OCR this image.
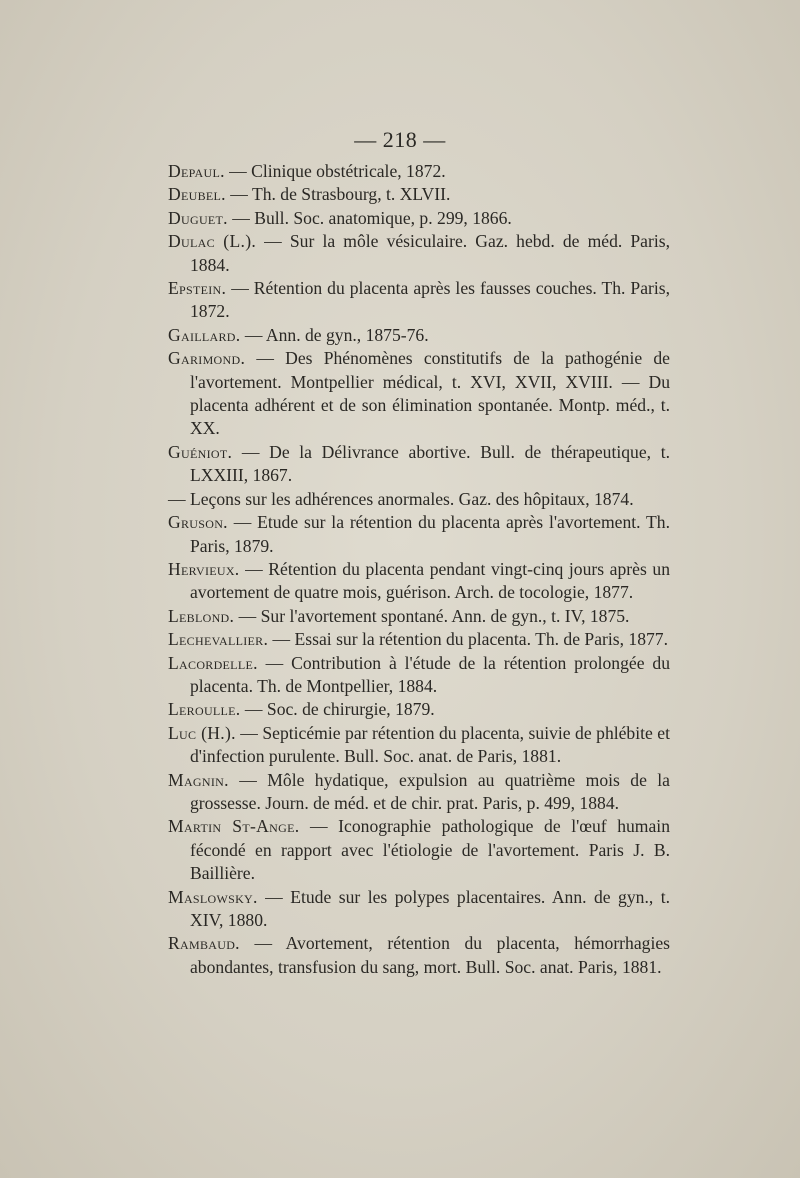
— 218 —
Depaul. — Clinique obstétricale, 1872.
Deubel. — Th. de Strasbourg, t. XLVII.
Duguet. — Bull. Soc. anatomique, p. 299, 1866.
Dulac (L.). — Sur la môle vésiculaire. Gaz. hebd. de méd. Paris, 1884.
Epstein. — Rétention du placenta après les fausses couches. Th. Paris, 1872.
Gaillard. — Ann. de gyn., 1875-76.
Garimond. — Des Phénomènes constitutifs de la pathogénie de l'avortement. Montpellier médical, t. XVI, XVII, XVIII. — Du placenta adhérent et de son élimination spontanée. Montp. méd., t. XX.
Guéniot. — De la Délivrance abortive. Bull. de thérapeutique, t. LXXIII, 1867.
— Leçons sur les adhérences anormales. Gaz. des hôpitaux, 1874.
Gruson. — Etude sur la rétention du placenta après l'avortement. Th. Paris, 1879.
Hervieux. — Rétention du placenta pendant vingt-cinq jours après un avortement de quatre mois, guérison. Arch. de tocologie, 1877.
Leblond. — Sur l'avortement spontané. Ann. de gyn., t. IV, 1875.
Lechevallier. — Essai sur la rétention du placenta. Th. de Paris, 1877.
Lacordelle. — Contribution à l'étude de la rétention prolongée du placenta. Th. de Montpellier, 1884.
Leroulle. — Soc. de chirurgie, 1879.
Luc (H.). — Septicémie par rétention du placenta, suivie de phlébite et d'infection purulente. Bull. Soc. anat. de Paris, 1881.
Magnin. — Môle hydatique, expulsion au quatrième mois de la grossesse. Journ. de méd. et de chir. prat. Paris, p. 499, 1884.
Martin St-Ange. — Iconographie pathologique de l'œuf humain fécondé en rapport avec l'étiologie de l'avortement. Paris J. B. Baillière.
Maslowsky. — Etude sur les polypes placentaires. Ann. de gyn., t. XIV, 1880.
Rambaud. — Avortement, rétention du placenta, hémorrhagies abondantes, transfusion du sang, mort. Bull. Soc. anat. Paris, 1881.
